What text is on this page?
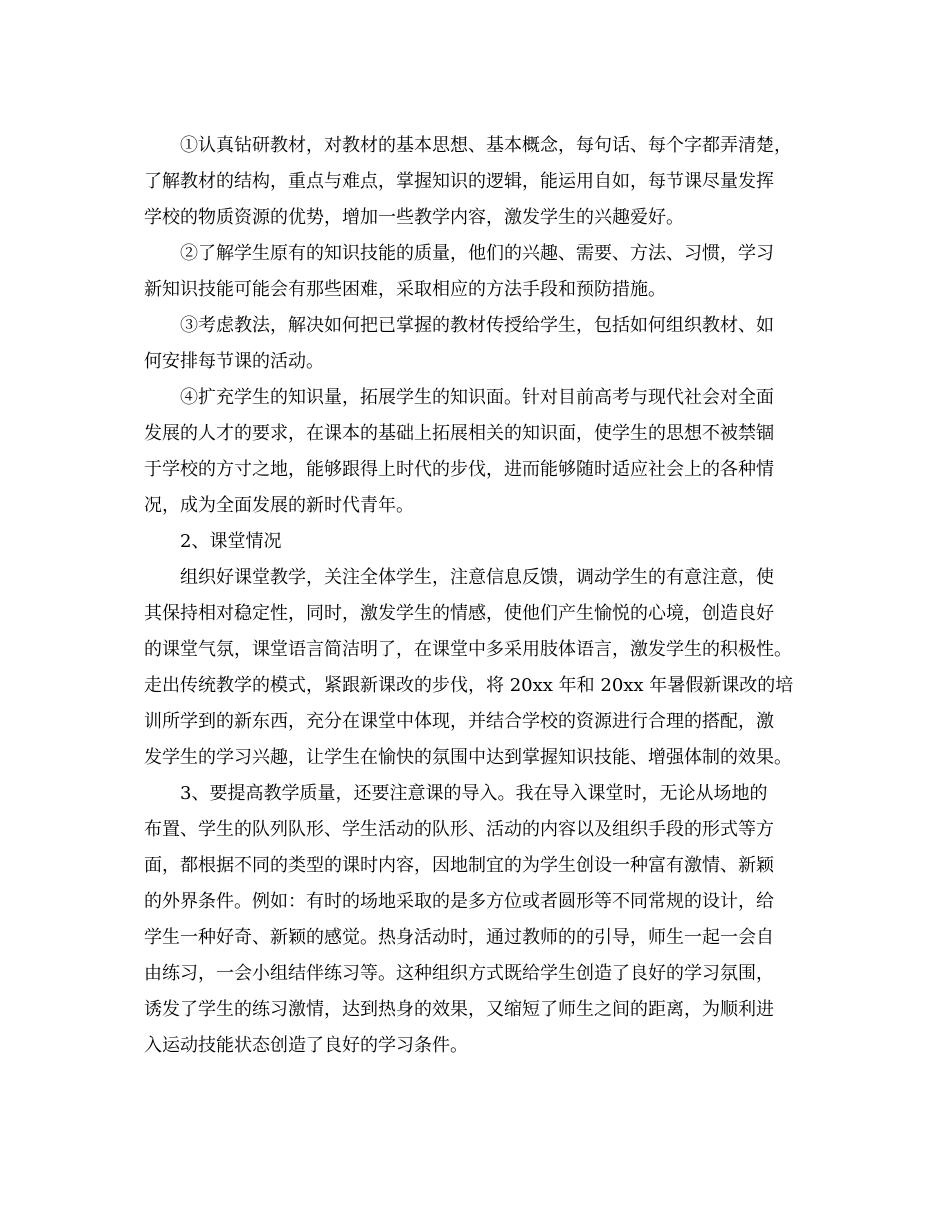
①认真钻研教材，对教材的基本思想、基本概念，每句话、每个字都弄清楚，
了解教材的结构，重点与难点，掌握知识的逻辑，能运用自如，每节课尽量发挥
学校的物质资源的优势，增加一些教学内容，激发学生的兴趣爱好。
②了解学生原有的知识技能的质量，他们的兴趣、需要、方法、习惯，学习
新知识技能可能会有那些困难，采取相应的方法手段和预防措施。
③考虑教法，解决如何把已掌握的教材传授给学生，包括如何组织教材、如
何安排每节课的活动。
④扩充学生的知识量，拓展学生的知识面。针对目前高考与现代社会对全面
发展的人才的要求，在课本的基础上拓展相关的知识面，使学生的思想不被禁锢
于学校的方寸之地，能够跟得上时代的步伐，进而能够随时适应社会上的各种情
况，成为全面发展的新时代青年。
2、课堂情况
组织好课堂教学，关注全体学生，注意信息反馈，调动学生的有意注意，使
其保持相对稳定性，同时，激发学生的情感，使他们产生愉悦的心境，创造良好
的课堂气氛，课堂语言简洁明了，在课堂中多采用肢体语言，激发学生的积极性。
走出传统教学的模式，紧跟新课改的步伐，将 20xx 年和 20xx 年暑假新课改的培
训所学到的新东西，充分在课堂中体现，并结合学校的资源进行合理的搭配，激
发学生的学习兴趣，让学生在愉快的氛围中达到掌握知识技能、增强体制的效果。
3、要提高教学质量，还要注意课的导入。我在导入课堂时，无论从场地的
布置、学生的队列队形、学生活动的队形、活动的内容以及组织手段的形式等方
面，都根据不同的类型的课时内容，因地制宜的为学生创设一种富有激情、新颖
的外界条件。例如：有时的场地采取的是多方位或者圆形等不同常规的设计，给
学生一种好奇、新颖的感觉。热身活动时，通过教师的的引导，师生一起一会自
由练习，一会小组结伴练习等。这种组织方式既给学生创造了良好的学习氛围，
诱发了学生的练习激情，达到热身的效果，又缩短了师生之间的距离，为顺利进
入运动技能状态创造了良好的学习条件。
